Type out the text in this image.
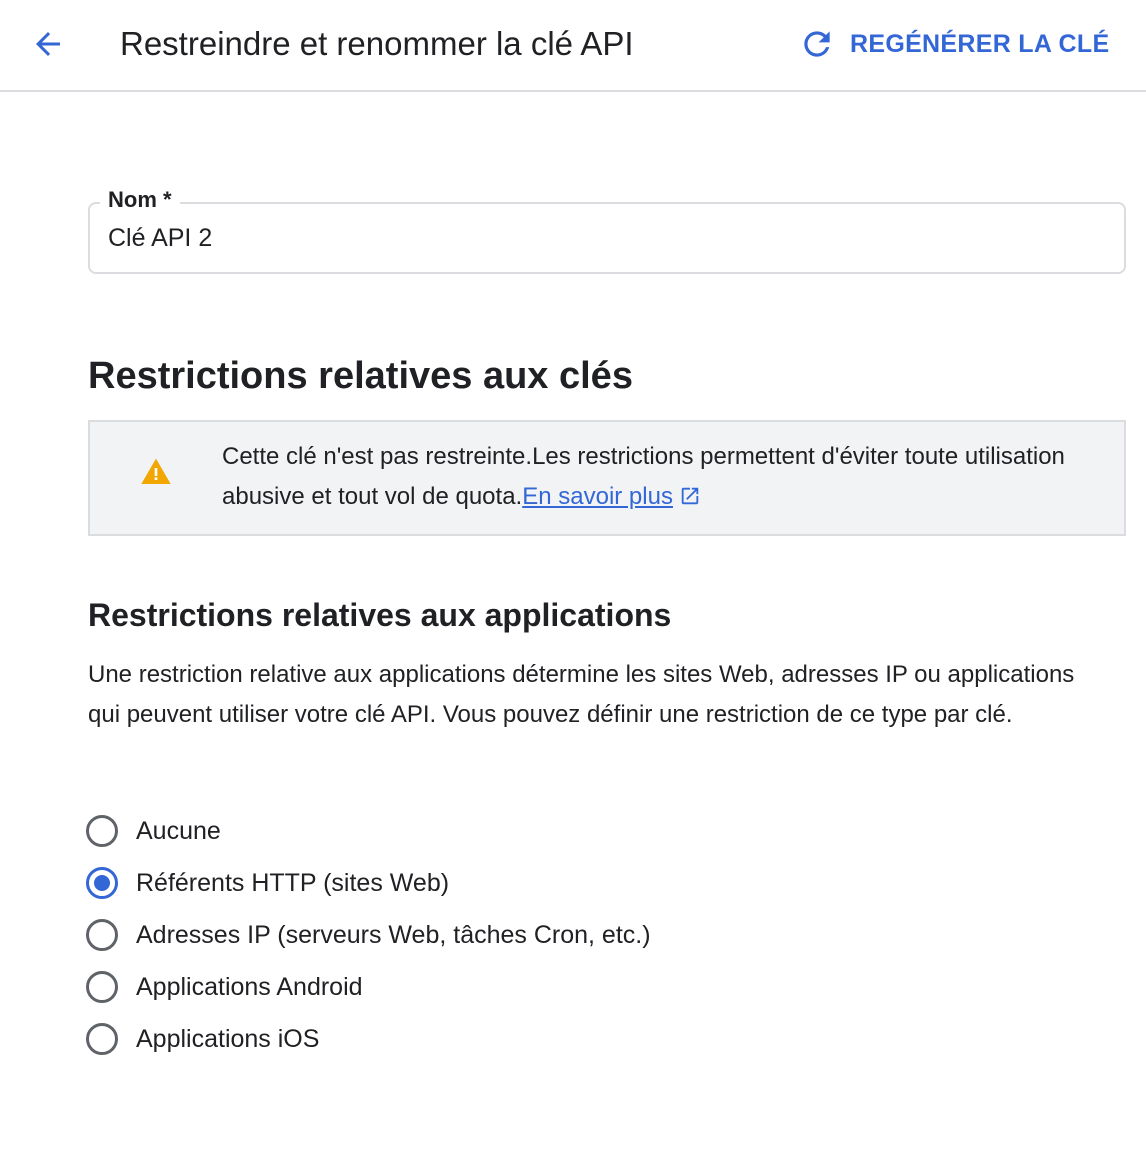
Restreindre et renommer la clé API	REGÉNÉRER LA CLÉ
Nom *
Clé API 2
Restrictions relatives aux clés
Cette clé n'est pas restreinte.Les restrictions permettent d'éviter toute utilisation abusive et tout vol de quota.En savoir plus
Restrictions relatives aux applications
Une restriction relative aux applications détermine les sites Web, adresses IP ou applications qui peuvent utiliser votre clé API. Vous pouvez définir une restriction de ce type par clé.
Aucune
Référents HTTP (sites Web)
Adresses IP (serveurs Web, tâches Cron, etc.)
Applications Android
Applications iOS
